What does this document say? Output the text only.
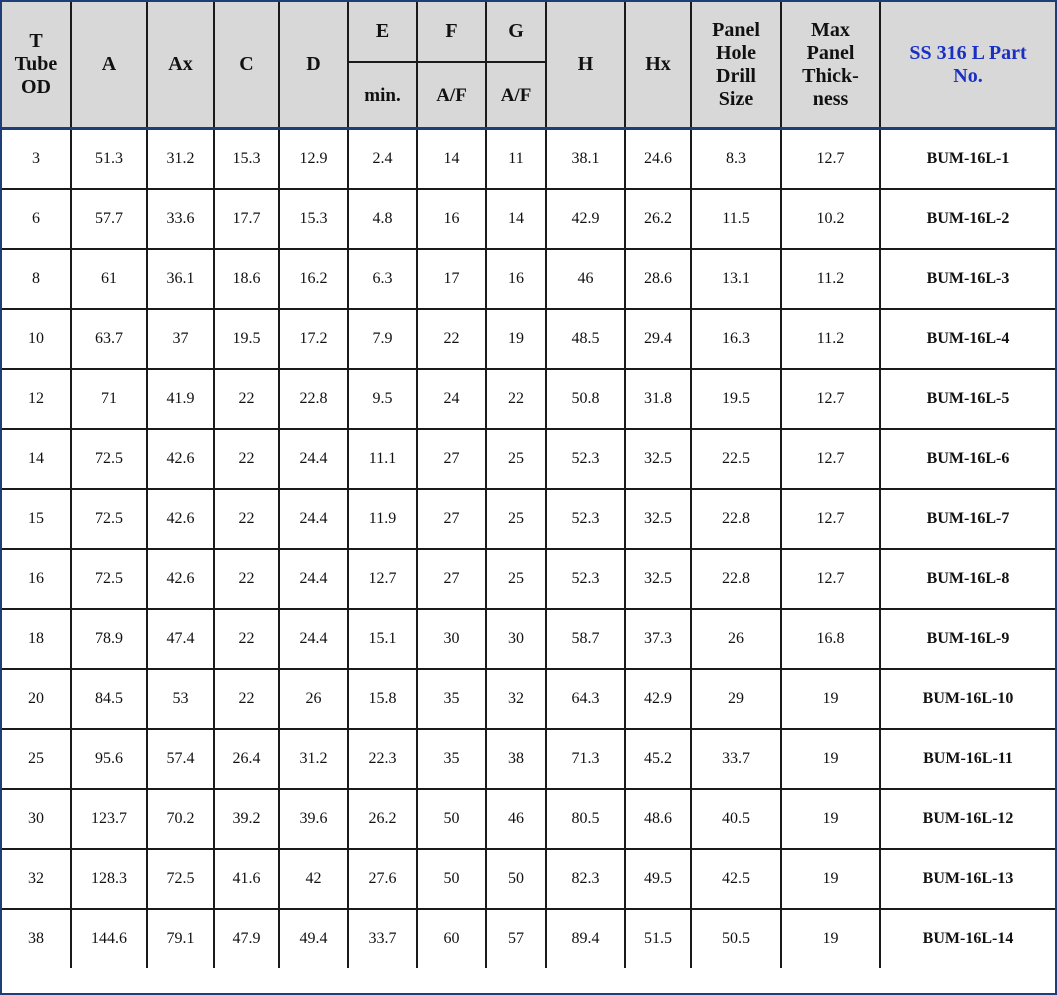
T Tube OD	A	Ax	C	D	E	F	G	H	Hx	Panel Hole Drill Size	Max Panel Thick- ness	SS 316 L Part No.

					min.	A/F	A/F					
3	51.3	31.2	15.3	12.9	2.4	14	11	38.1	24.6	8.3	12.7	BUM-16L-1
6	57.7	33.6	17.7	15.3	4.8	16	14	42.9	26.2	11.5	10.2	BUM-16L-2
8	61	36.1	18.6	16.2	6.3	17	16	46	28.6	13.1	11.2	BUM-16L-3
10	63.7	37	19.5	17.2	7.9	22	19	48.5	29.4	16.3	11.2	BUM-16L-4
12	71	41.9	22	22.8	9.5	24	22	50.8	31.8	19.5	12.7	BUM-16L-5
14	72.5	42.6	22	24.4	11.1	27	25	52.3	32.5	22.5	12.7	BUM-16L-6
15	72.5	42.6	22	24.4	11.9	27	25	52.3	32.5	22.8	12.7	BUM-16L-7
16	72.5	42.6	22	24.4	12.7	27	25	52.3	32.5	22.8	12.7	BUM-16L-8
18	78.9	47.4	22	24.4	15.1	30	30	58.7	37.3	26	16.8	BUM-16L-9
20	84.5	53	22	26	15.8	35	32	64.3	42.9	29	19	BUM-16L-10
25	95.6	57.4	26.4	31.2	22.3	35	38	71.3	45.2	33.7	19	BUM-16L-11
30	123.7	70.2	39.2	39.6	26.2	50	46	80.5	48.6	40.5	19	BUM-16L-12
32	128.3	72.5	41.6	42	27.6	50	50	82.3	49.5	42.5	19	BUM-16L-13
38	144.6	79.1	47.9	49.4	33.7	60	57	89.4	51.5	50.5	19	BUM-16L-14
